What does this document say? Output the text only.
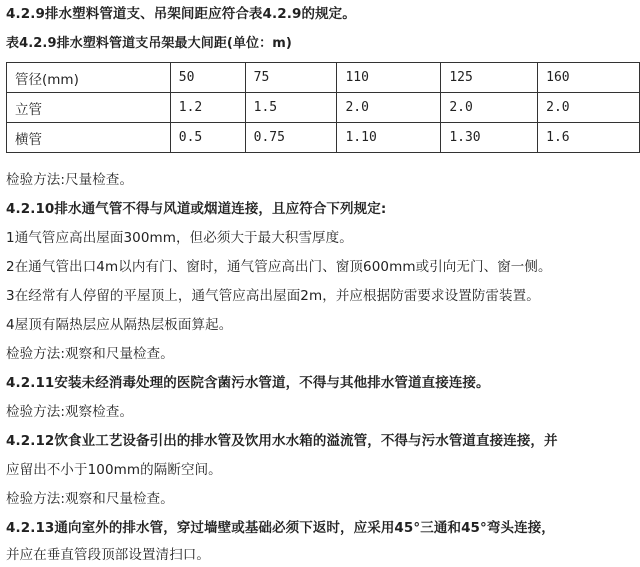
4.2.9排水塑料管道支、吊架间距应符合表4.2.9的规定。
表4.2.9排水塑料管道支吊架最大间距(单位：m)
管径(mm)	50	75	110	125	160
立管	1.2	1.5	2.0	2.0	2.0
横管	0.5	0.75	1.10	1.30	1.6
检验方法:尺量检查。
4.2.10排水通气管不得与风道或烟道连接，且应符合下列规定:
1通气管应高出屋面300mm，但必须大于最大积雪厚度。
2在通气管出口4m以内有门、窗时，通气管应高出门、窗顶600mm或引向无门、窗一侧。
3在经常有人停留的平屋顶上，通气管应高出屋面2m，并应根据防雷要求设置防雷装置。
4屋顶有隔热层应从隔热层板面算起。
检验方法:观察和尺量检查。
4.2.11安装未经消毒处理的医院含菌污水管道，不得与其他排水管道直接连接。
检验方法:观察检查。
4.2.12饮食业工艺设备引出的排水管及饮用水水箱的溢流管，不得与污水管道直接连接，并
应留出不小于100mm的隔断空间。
检验方法:观察和尺量检查。
4.2.13通向室外的排水管，穿过墙壁或基础必须下返时，应采用45°三通和45°弯头连接，
并应在垂直管段顶部设置清扫口。
